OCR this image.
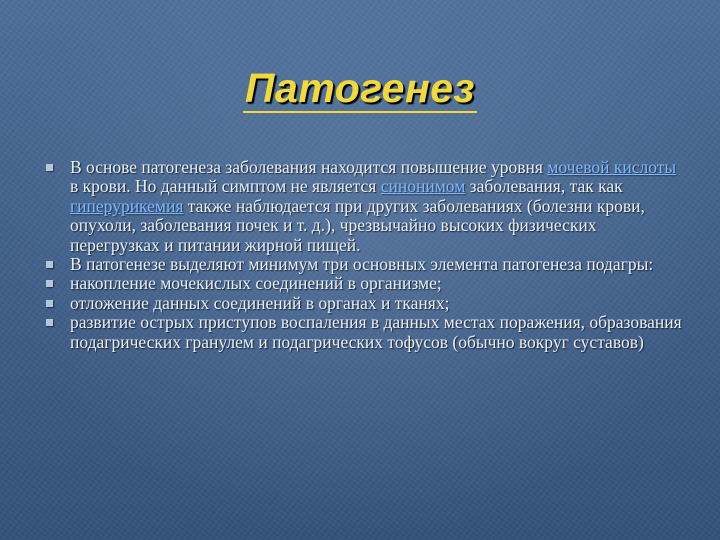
Патогенез
В основе патогенеза заболевания находится повышение уровня мочевой кислоты в крови. Но данный симптом не является синонимом заболевания, так как гиперурикемия также наблюдается при других заболеваниях (болезни крови, опухоли, заболевания почек и т. д.), чрезвычайно высоких физических перегрузках и питании жирной пищей.
В патогенезе выделяют минимум три основных элемента патогенеза подагры:
накопление мочекислых соединений в организме;
отложение данных соединений в органах и тканях;
развитие острых приступов воспаления в данных местах поражения, образования подагрических гранулем и подагрических тофусов (обычно вокруг суставов)
